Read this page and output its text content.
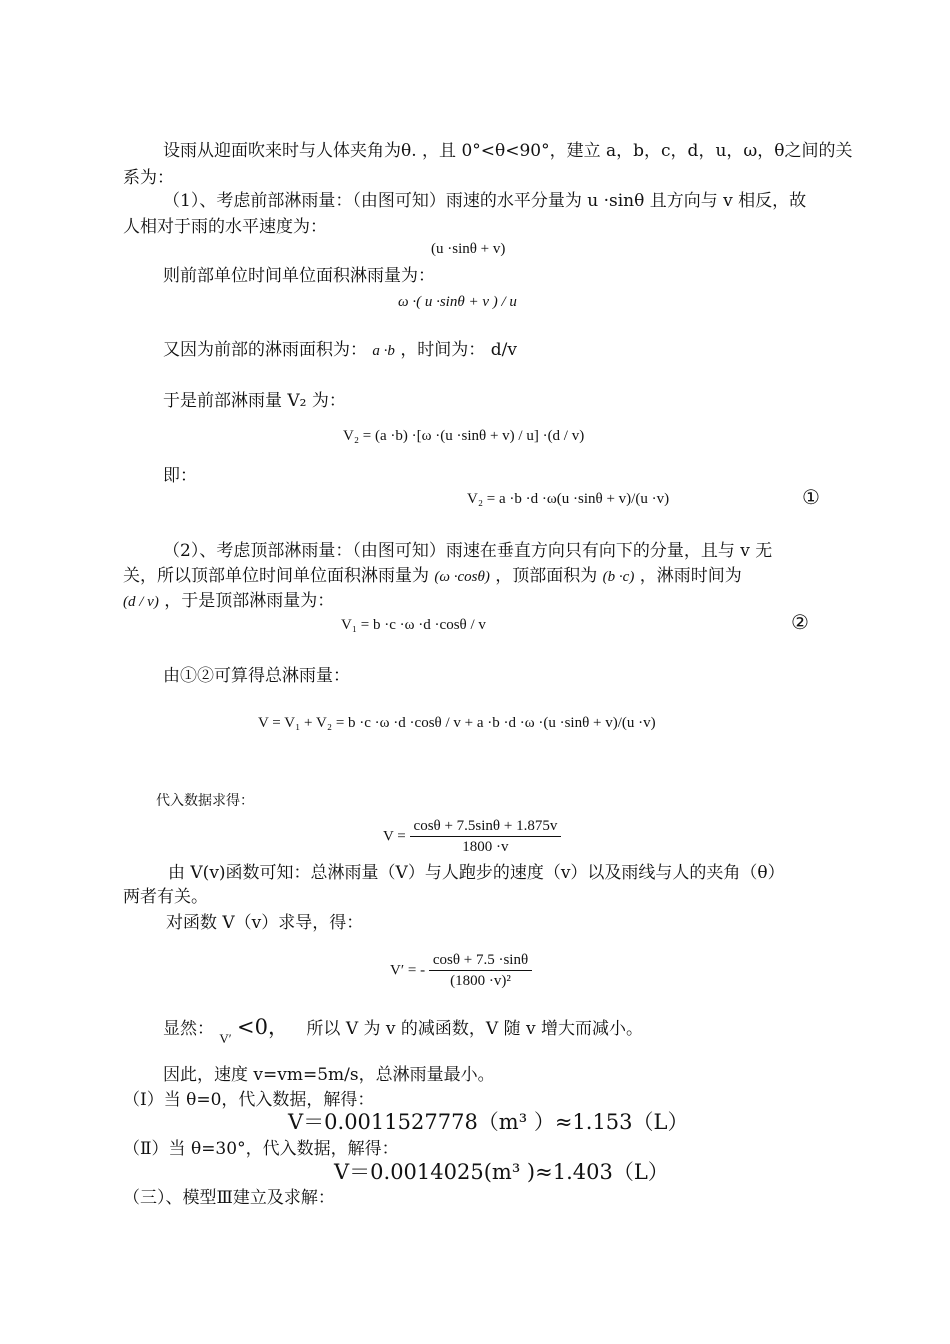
设雨从迎面吹来时与人体夹角为θ. ，且 0°<θ<90°，建立 a，b，c，d，u，ω，θ之间的关
系为：
（1）、考虑前部淋雨量：（由图可知）雨速的水平分量为 u ·sinθ 且方向与 v 相反，故
人相对于雨的水平速度为：
(u ·sinθ + v)
则前部单位时间单位面积淋雨量为：
ω ·( u ·sinθ + v ) / u
又因为前部的淋雨面积为： a ·b ，时间为： d/v
于是前部淋雨量 V₂ 为：
V₂ = (a ·b) ·[ω ·(u ·sinθ + v) / u] ·(d / v)
即：
V₂ = a ·b ·d ·ω(u ·sinθ + v)/(u ·v)	①
（2）、考虑顶部淋雨量：（由图可知）雨速在垂直方向只有向下的分量，且与 v 无
关，所以顶部单位时间单位面积淋雨量为 (ω ·cosθ) ，顶部面积为 (b ·c) ，淋雨时间为
(d / v) ，于是顶部淋雨量为：
V₁ = b ·c ·ω ·d ·cosθ / v	②
由①②可算得总淋雨量：
V = V₁ + V₂ = b ·c ·ω ·d ·cosθ / v + a ·b ·d ·ω ·(u ·sinθ + v)/(u ·v)
代入数据求得：
$V = \frac{\cos\theta + 7.5\sin\theta + 1.875v}{1800 \cdot v}$
由 V(v)函数可知：总淋雨量（V）与人跑步的速度（v）以及雨线与人的夹角（θ）
两者有关。
对函数 V（v）求导，得：
V′ = - $\frac{\cos\theta + 7.5 \cdot\sin\theta}{\text{(1800 ·v)²}}$
显然： $_{V'}$ <0， 所以 V 为 v 的减函数，V 随 v 增大而减小。
因此，速度 v=vm=5m/s，总淋雨量最小。
（Ⅰ）当 θ=0，代入数据，解得：
V＝0.0011527778（m³ ）≈1.153（L）
（Ⅱ）当 θ=30°，代入数据，解得：
V＝0.0014025(m³ )≈1.403（L）
（三）、模型Ⅲ建立及求解：
